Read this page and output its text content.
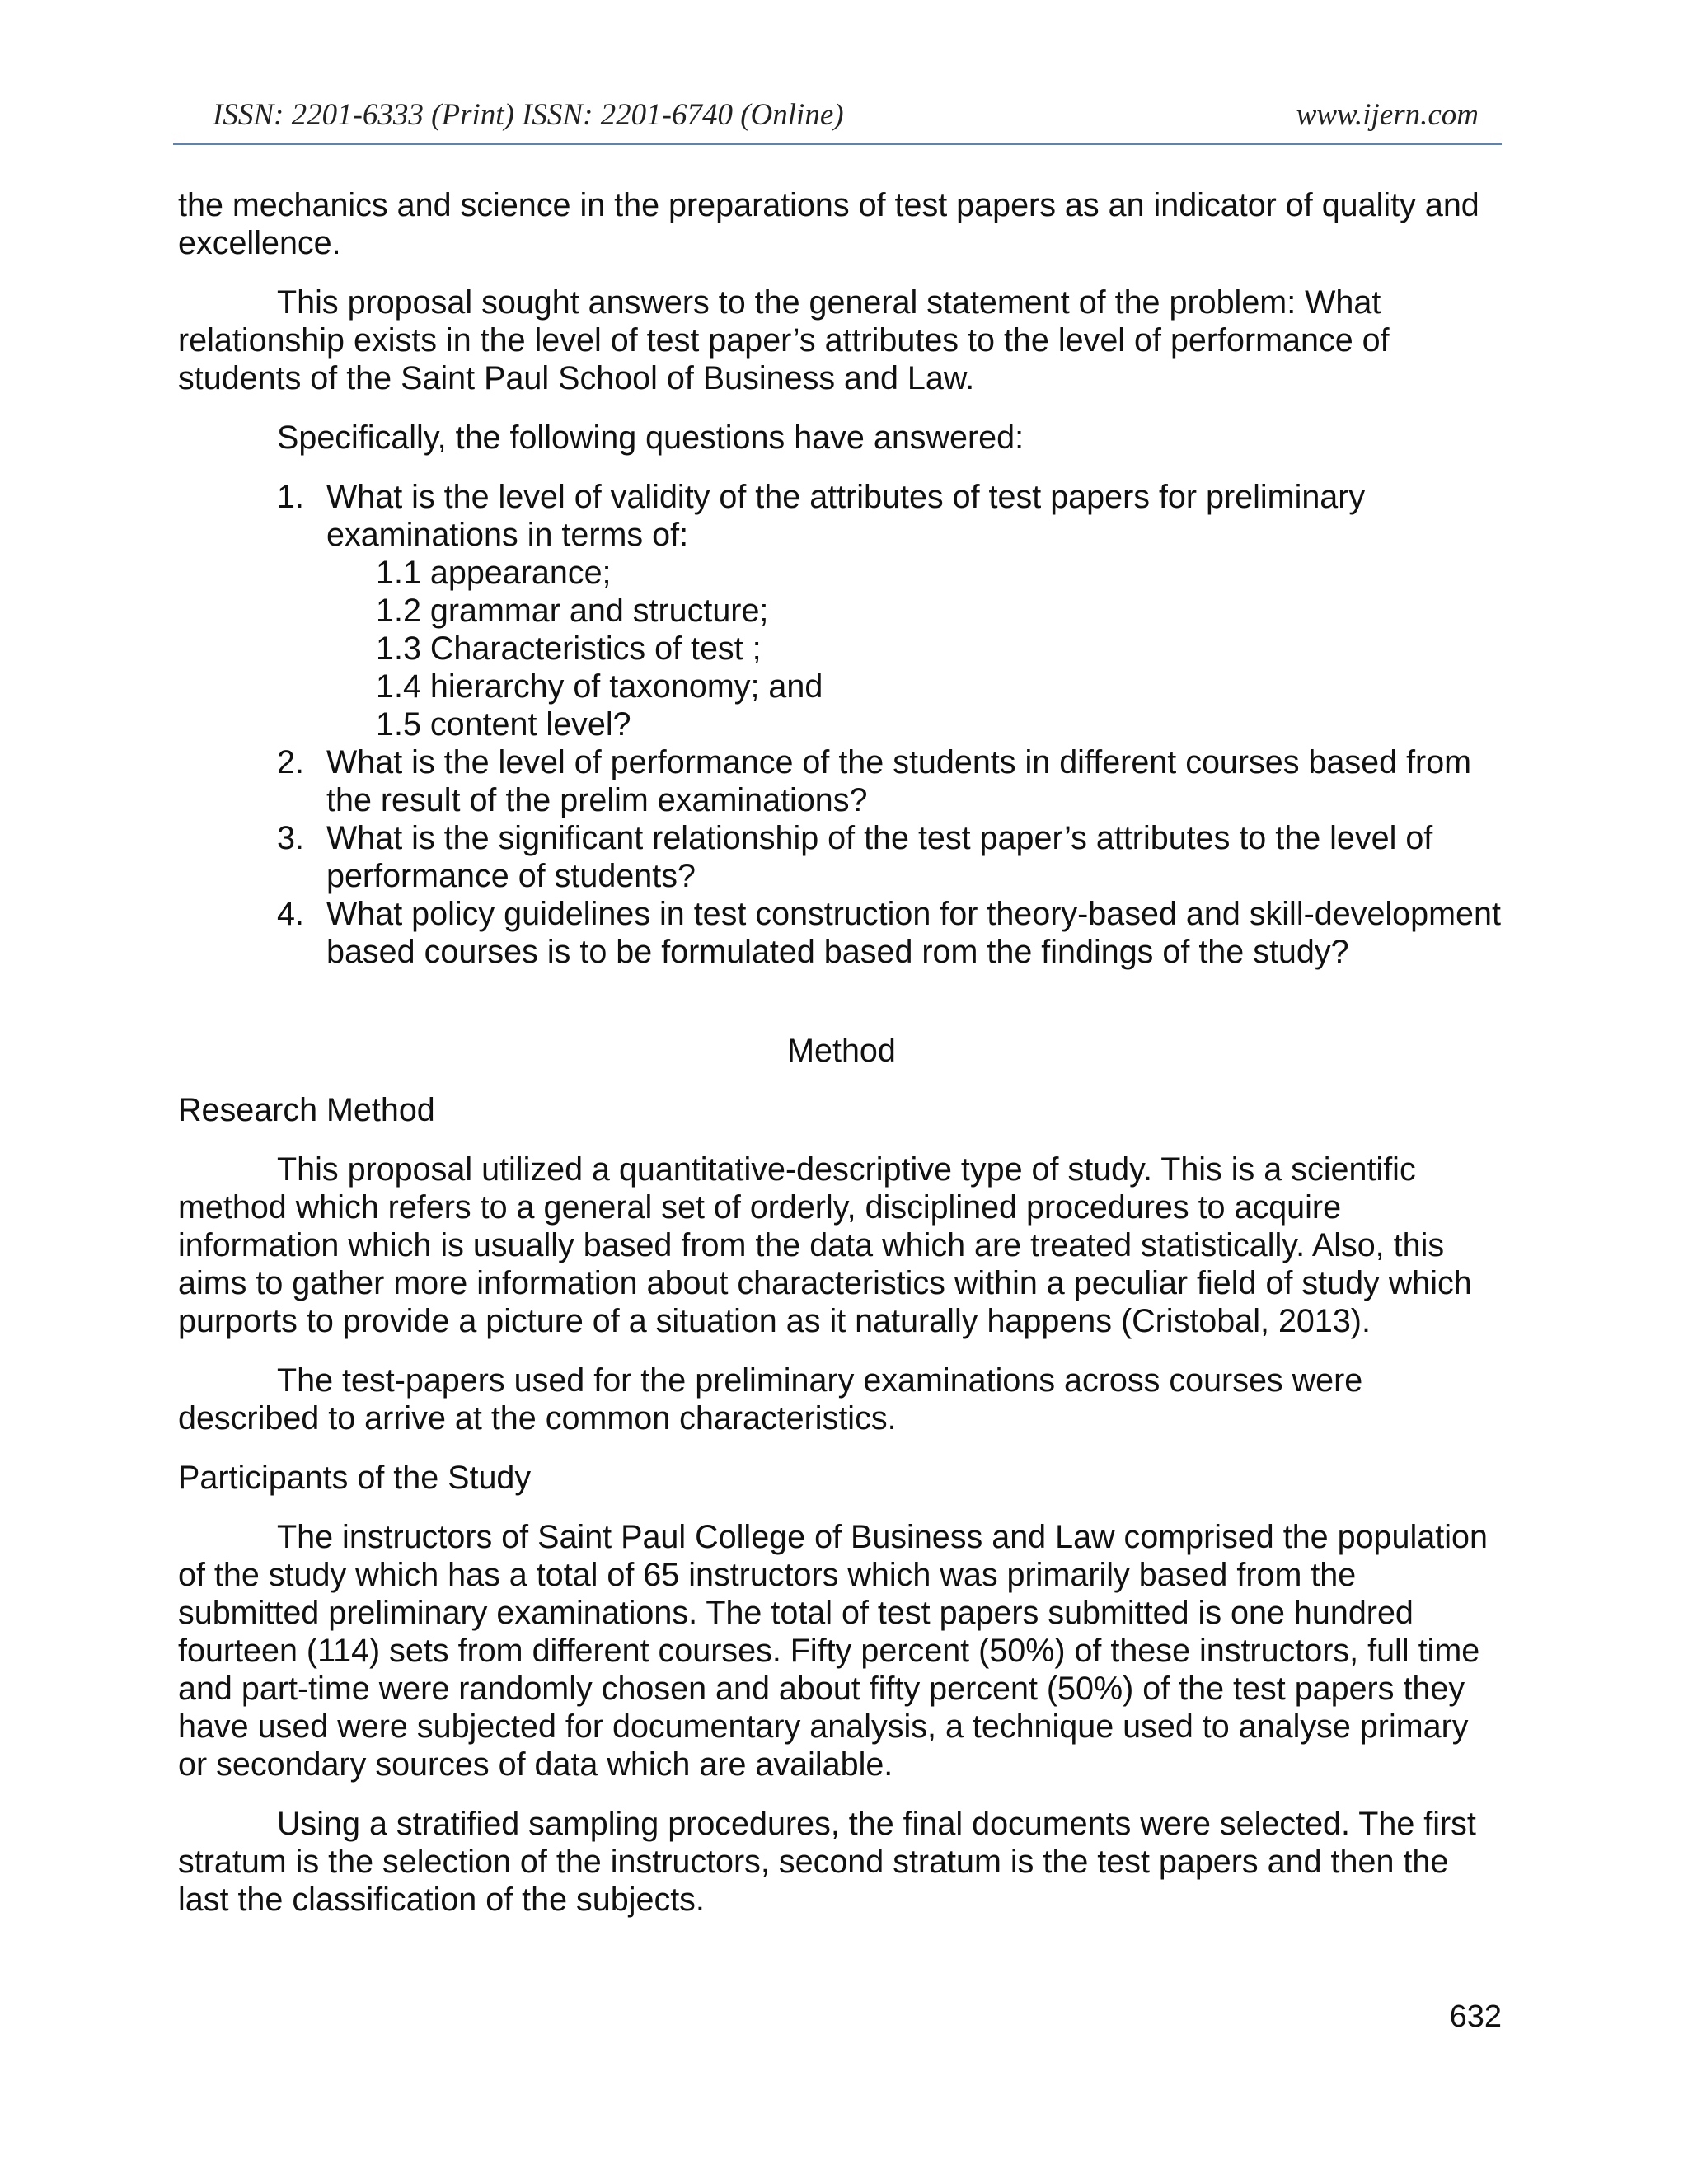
ISSN: 2201-6333 (Print) ISSN: 2201-6740 (Online)	www.ijern.com

the mechanics and science in the preparations of test papers as an indicator of quality and excellence.

This proposal sought answers to the general statement of the problem: What relationship exists in the level of test paper’s attributes to the level of performance of students of the Saint Paul School of Business and Law.

Specifically, the following questions have answered:

1. What is the level of validity of the attributes of test papers for preliminary examinations in terms of:
1.1 appearance;
1.2 grammar and structure;
1.3 Characteristics of test ;
1.4 hierarchy of taxonomy; and
1.5 content level?
2. What is the level of performance of the students in different courses based from the result of the prelim examinations?
3. What is the significant relationship of the test paper’s attributes to the level of performance of students?
4. What policy guidelines in test construction for theory-based and skill-development based courses is to be formulated based rom the findings of the study?

Method

Research Method

This proposal utilized a quantitative-descriptive type of study. This is a scientific method which refers to a general set of orderly, disciplined procedures to acquire information which is usually based from the data which are treated statistically. Also, this aims to gather more information about characteristics within a peculiar field of study which purports to provide a picture of a situation as it naturally happens (Cristobal, 2013).

The test-papers used for the preliminary examinations across courses were described to arrive at the common characteristics.

Participants of the Study

The instructors of Saint Paul College of Business and Law comprised the population of the study which has a total of 65 instructors which was primarily based from the submitted preliminary examinations. The total of test papers submitted is one hundred fourteen (114) sets from different courses. Fifty percent (50%) of these instructors, full time and part-time were randomly chosen and about fifty percent (50%) of the test papers they have used were subjected for documentary analysis, a technique used to analyse primary or secondary sources of data which are available.

Using a stratified sampling procedures, the final documents were selected. The first stratum is the selection of the instructors, second stratum is the test papers and then the last the classification of the subjects.

632
